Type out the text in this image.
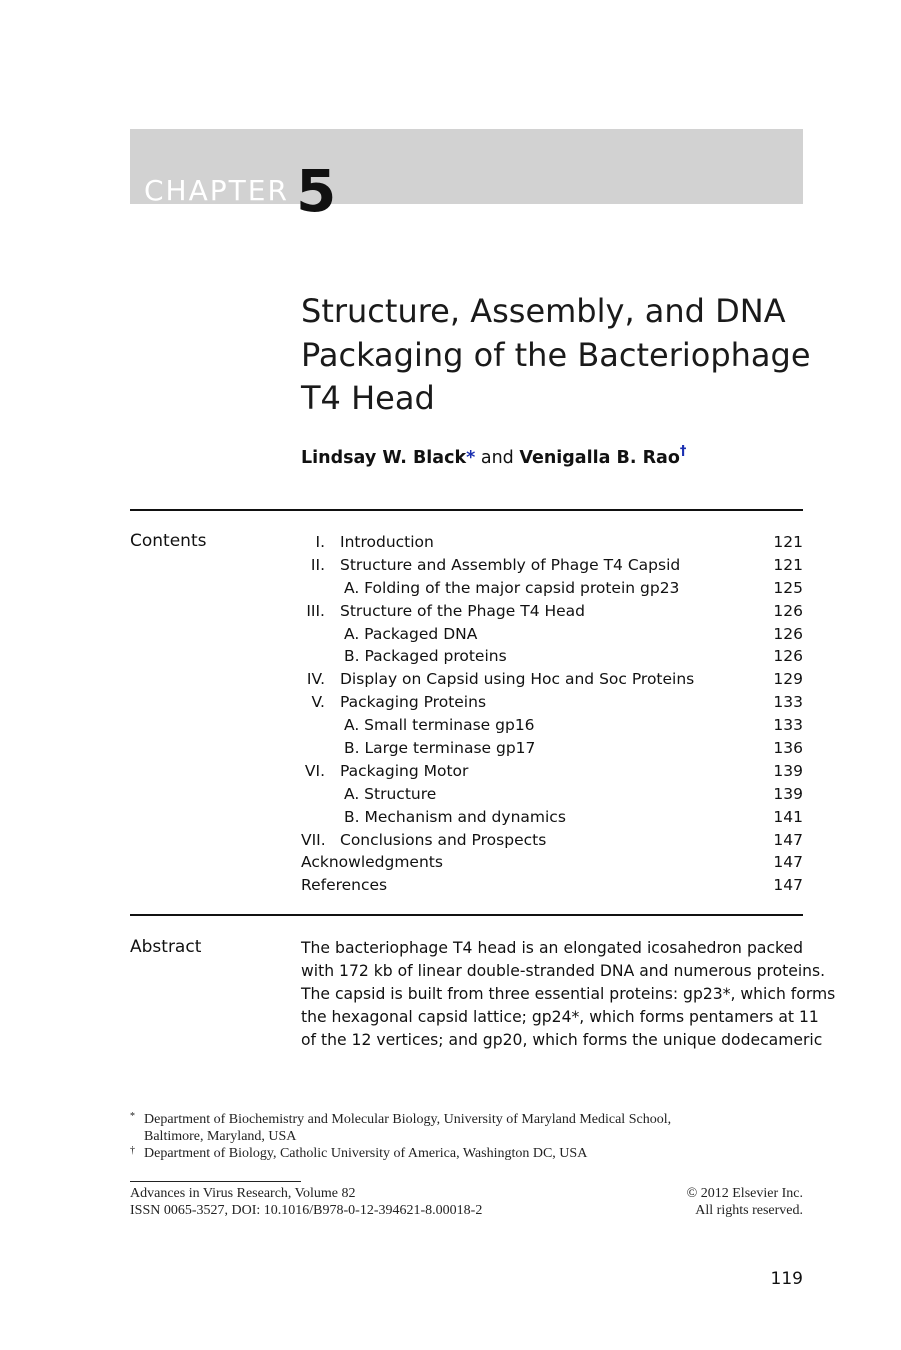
CHAPTER 5
Structure, Assembly, and DNA
Packaging of the Bacteriophage
T4 Head
Lindsay W. Black* and Venigalla B. Rao†
Contents	I. Introduction	121
II. Structure and Assembly of Phage T4 Capsid	121
A. Folding of the major capsid protein gp23	125
III. Structure of the Phage T4 Head	126
A. Packaged DNA	126
B. Packaged proteins	126
IV. Display on Capsid using Hoc and Soc Proteins	129
V. Packaging Proteins	133
A. Small terminase gp16	133
B. Large terminase gp17	136
VI. Packaging Motor	139
A. Structure	139
B. Mechanism and dynamics	141
VII. Conclusions and Prospects	147
Acknowledgments	147
References	147
Abstract	The bacteriophage T4 head is an elongated icosahedron packed
with 172 kb of linear double-stranded DNA and numerous proteins.
The capsid is built from three essential proteins: gp23*, which forms
the hexagonal capsid lattice; gp24*, which forms pentamers at 11
of the 12 vertices; and gp20, which forms the unique dodecameric
* Department of Biochemistry and Molecular Biology, University of Maryland Medical School,
Baltimore, Maryland, USA
† Department of Biology, Catholic University of America, Washington DC, USA
Advances in Virus Research, Volume 82
ISSN 0065-3527, DOI: 10.1016/B978-0-12-394621-8.00018-2
© 2012 Elsevier Inc.
All rights reserved.
119
